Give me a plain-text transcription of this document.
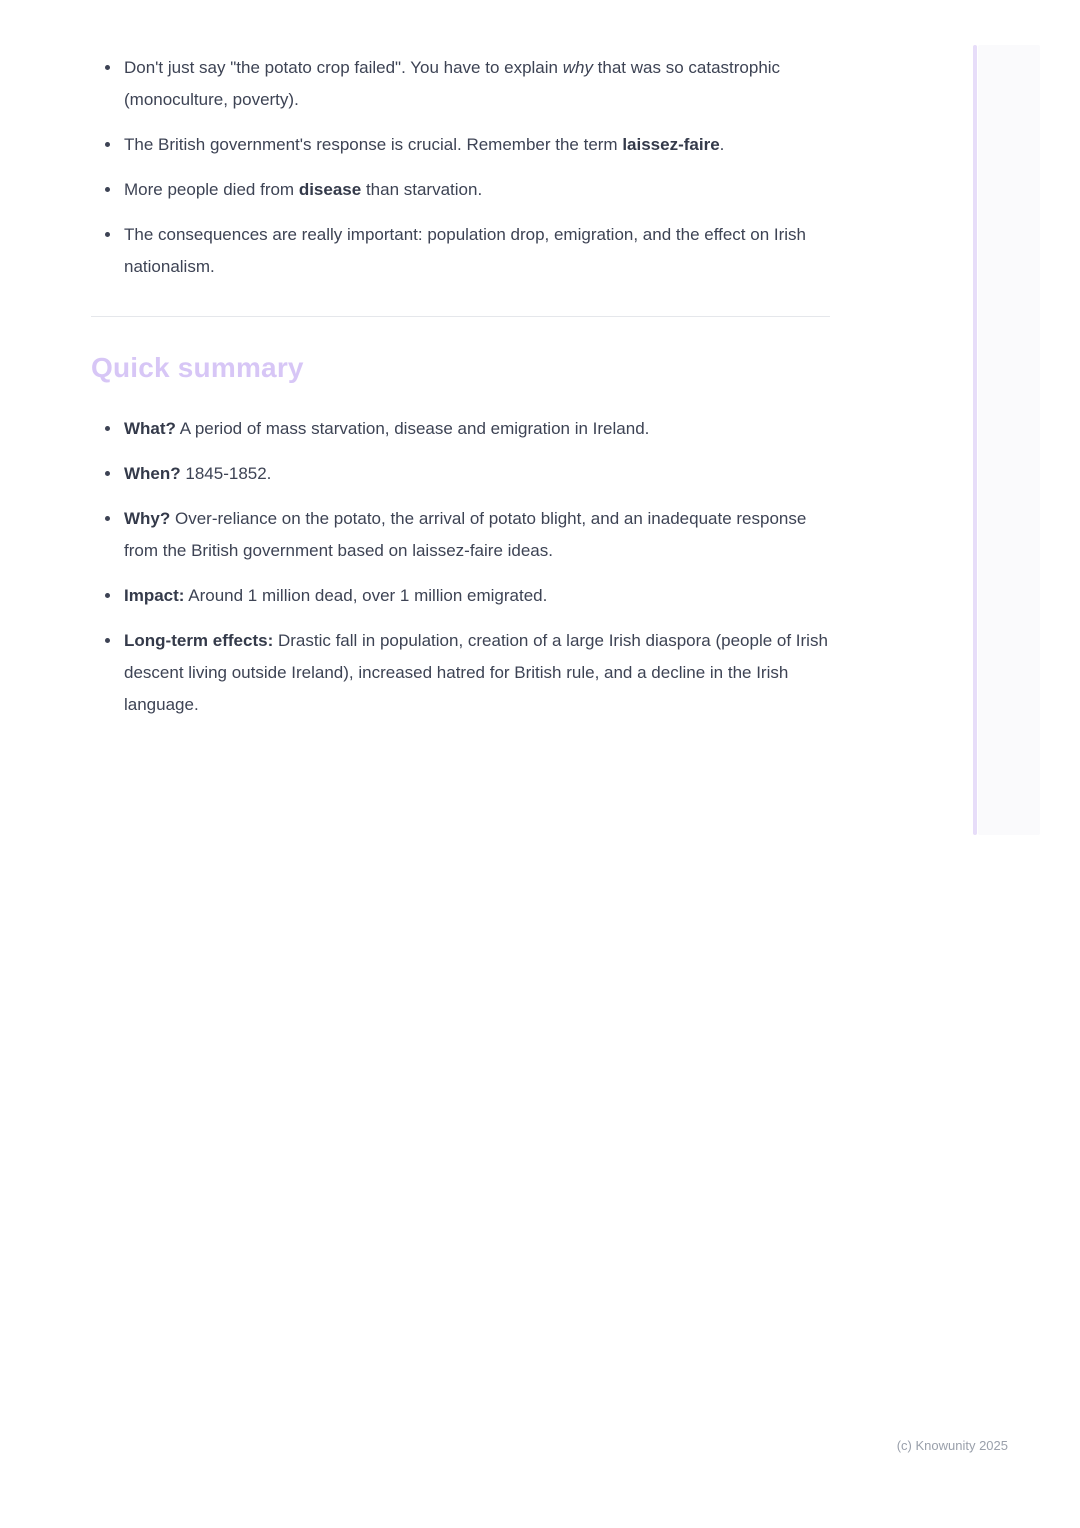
Don't just say "the potato crop failed". You have to explain why that was so catastrophic (monoculture, poverty).

The British government's response is crucial. Remember the term laissez-faire.

More people died from disease than starvation.

The consequences are really important: population drop, emigration, and the effect on Irish nationalism.

Quick summary

What? A period of mass starvation, disease and emigration in Ireland.

When? 1845-1852.

Why? Over-reliance on the potato, the arrival of potato blight, and an inadequate response from the British government based on laissez-faire ideas.

Impact: Around 1 million dead, over 1 million emigrated.

Long-term effects: Drastic fall in population, creation of a large Irish diaspora (people of Irish descent living outside Ireland), increased hatred for British rule, and a decline in the Irish language.

(c) Knowunity 2025
